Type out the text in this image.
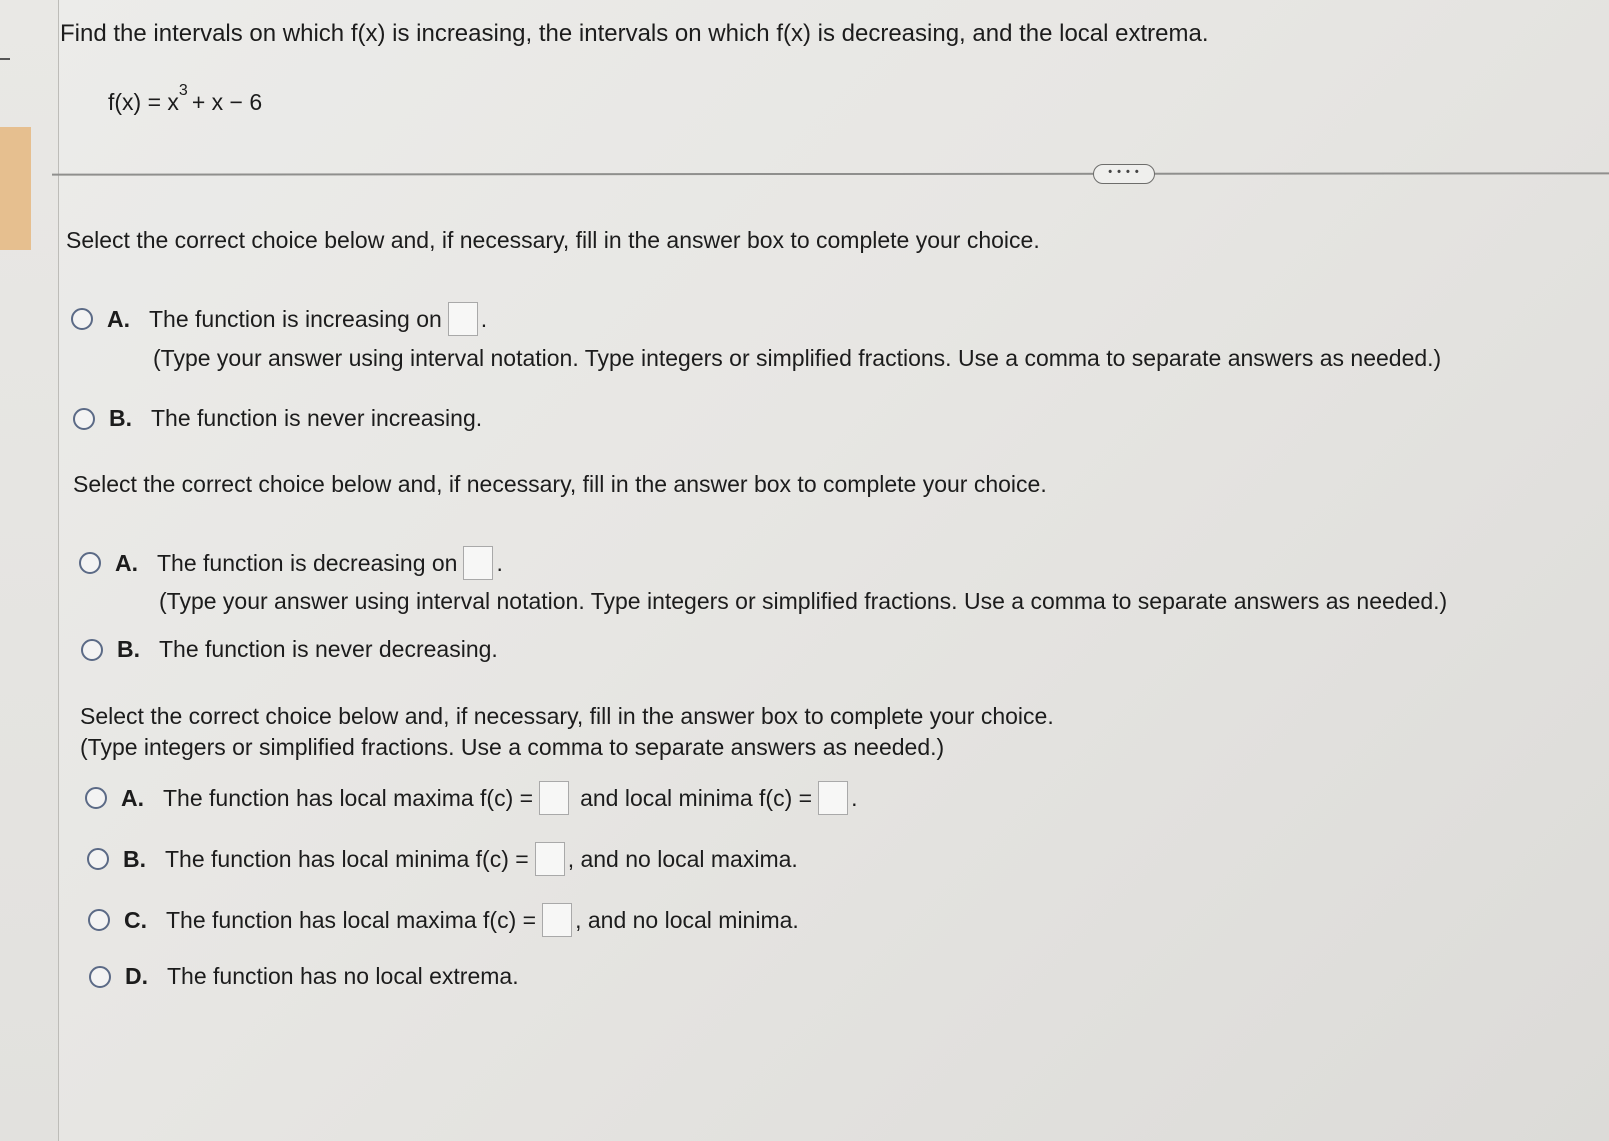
Find the intervals on which f(x) is increasing, the intervals on which f(x) is decreasing, and the local extrema.
$f(x) = x^3 + x - 6$
• • • •

Select the correct choice below and, if necessary, fill in the answer box to complete your choice.

A. The function is increasing on .
(Type your answer using interval notation. Type integers or simplified fractions. Use a comma to separate answers as needed.)
B. The function is never increasing.

Select the correct choice below and, if necessary, fill in the answer box to complete your choice.

A. The function is decreasing on .
(Type your answer using interval notation. Type integers or simplified fractions. Use a comma to separate answers as needed.)
B. The function is never decreasing.

Select the correct choice below and, if necessary, fill in the answer box to complete your choice.

(Type integers or simplified fractions. Use a comma to separate answers as needed.)

A. The function has local maxima f(c) = and local minima f(c) = .
B. The function has local minima f(c) = , and no local maxima.
C. The function has local maxima f(c) = , and no local minima.
D. The function has no local extrema.
